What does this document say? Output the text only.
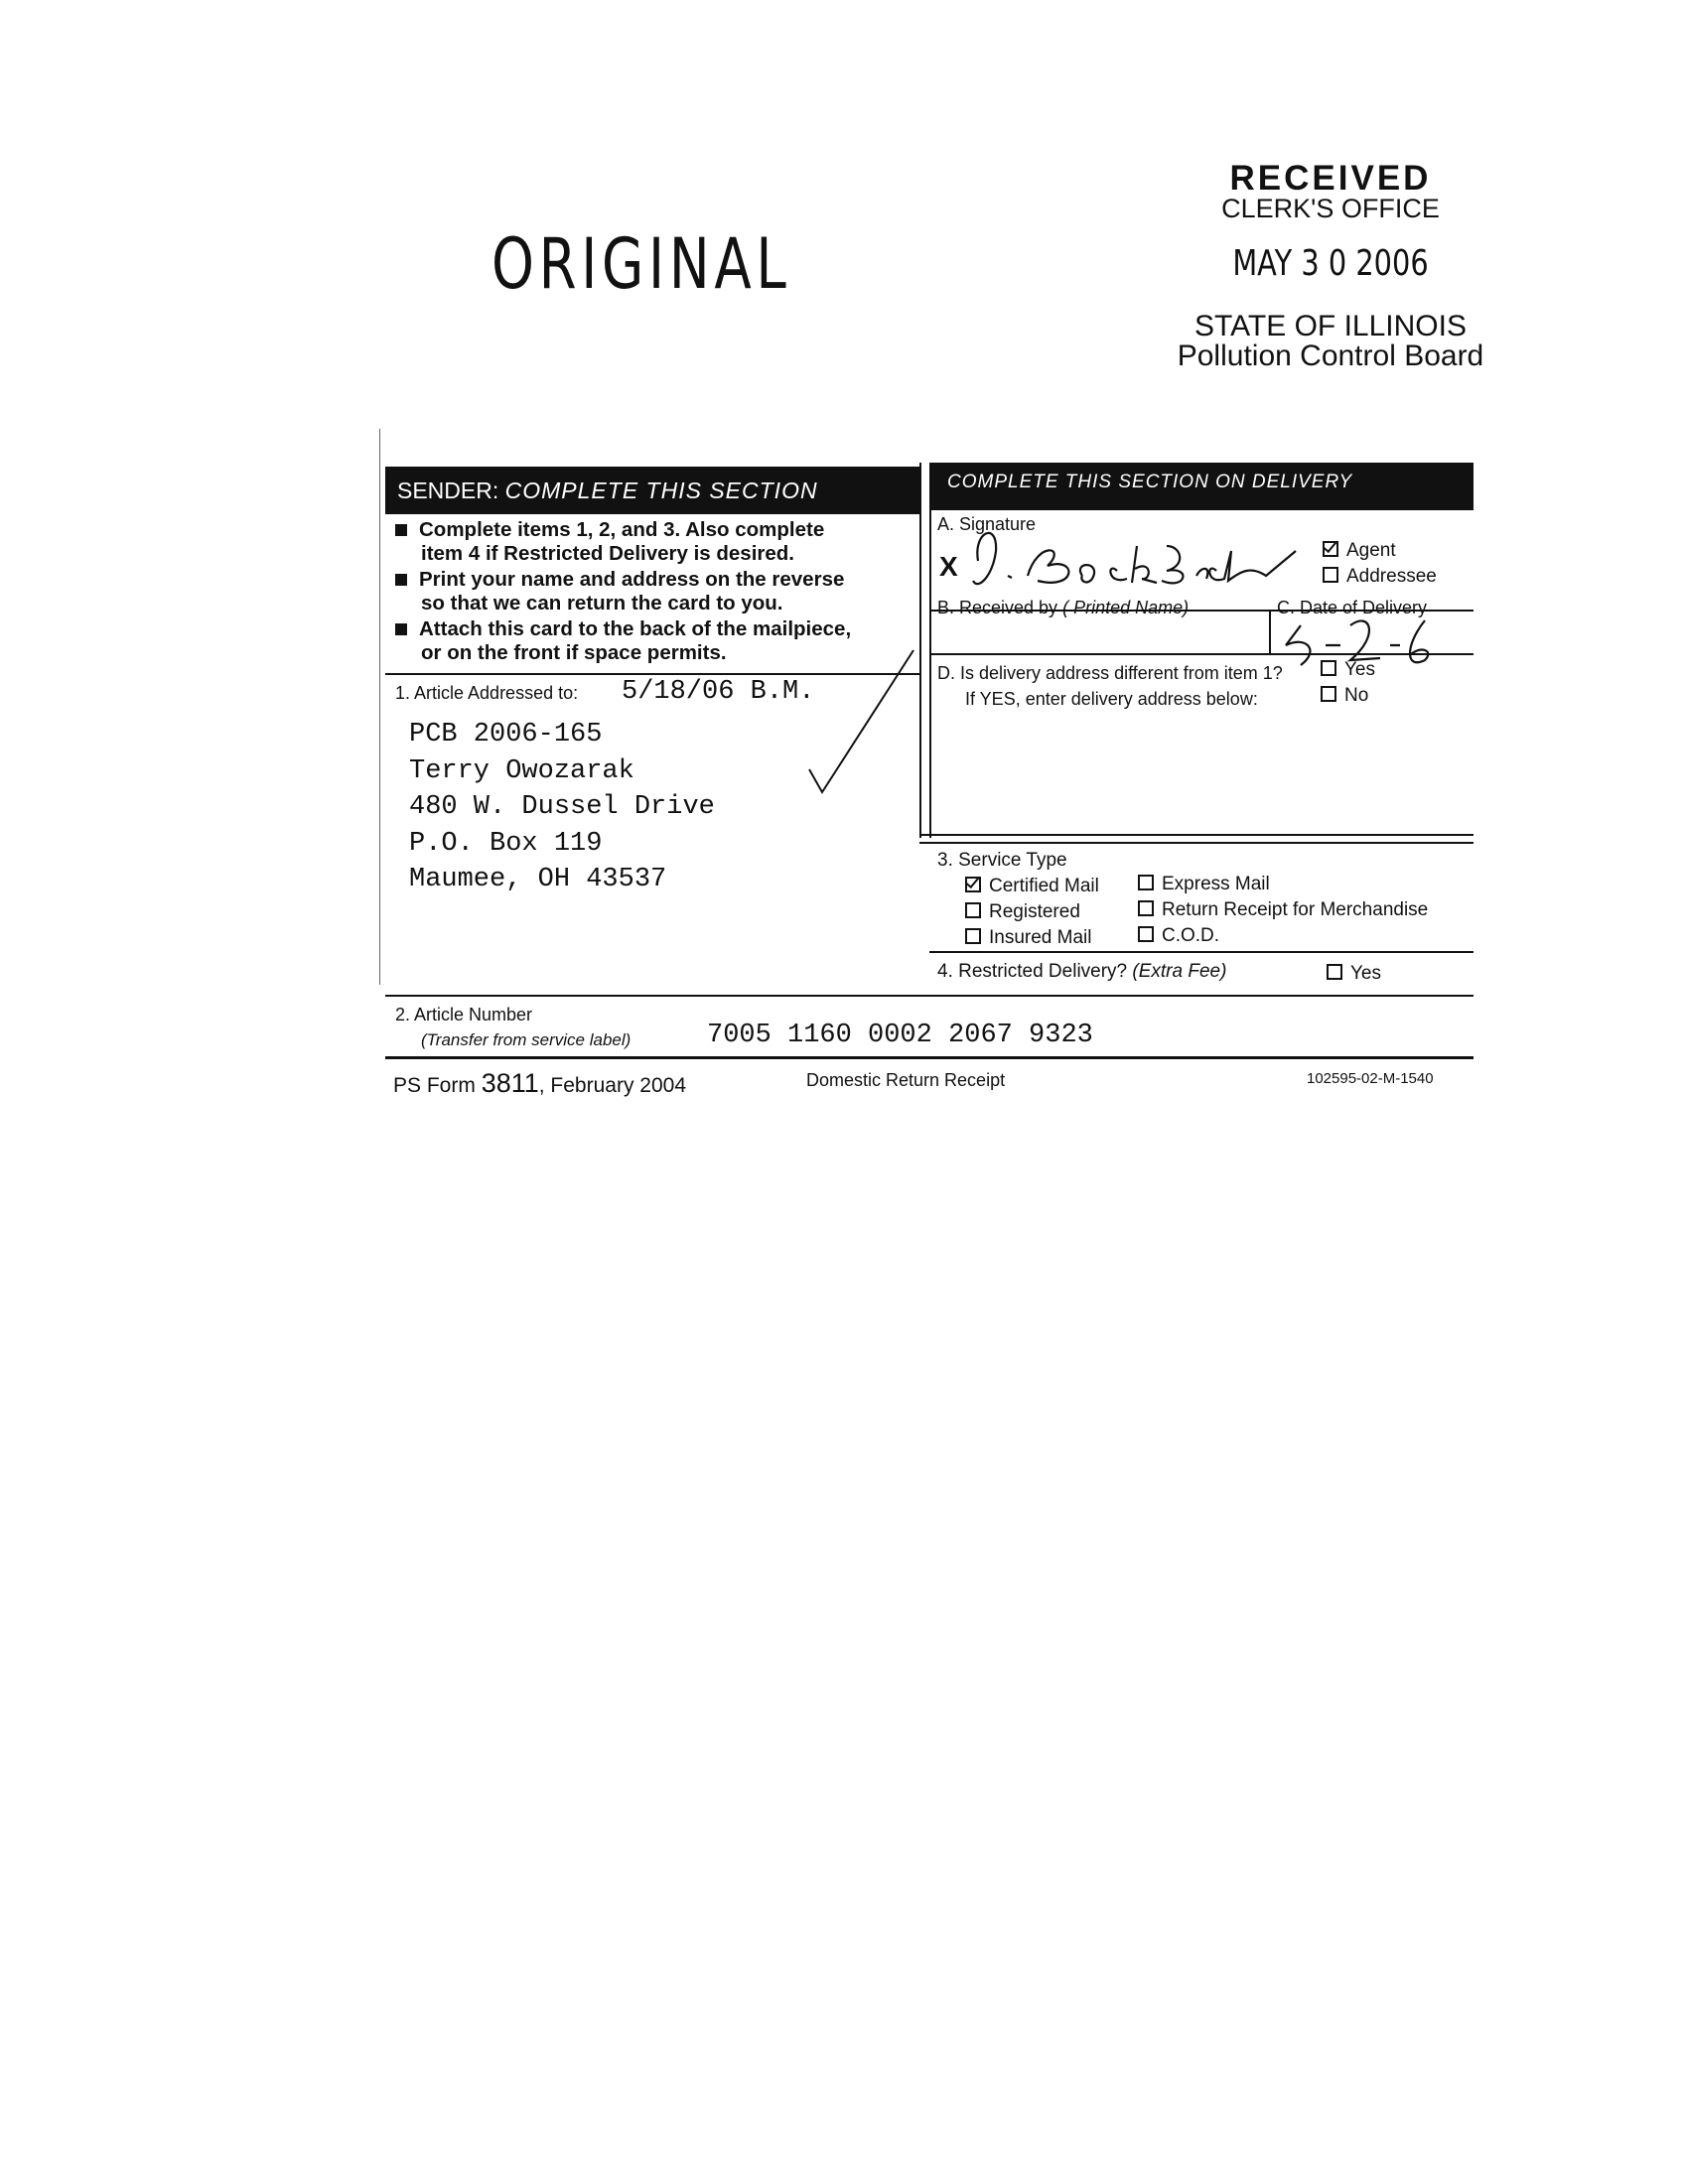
RECEIVED
CLERK'S OFFICE
MAY 3 0 2006
STATE OF ILLINOIS
Pollution Control Board
ORIGINAL
SENDER: COMPLETE THIS SECTION	COMPLETE THIS SECTION ON DELIVERY
Complete items 1, 2, and 3. Also complete
item 4 if Restricted Delivery is desired.
Print your name and address on the reverse
so that we can return the card to you.
Attach this card to the back of the mailpiece,
or on the front if space permits.
1. Article Addressed to: 5/18/06 B.M.
PCB 2006-165
Terry Owozarak
480 W. Dussel Drive
P.O. Box 119
Maumee, OH 43537
A. Signature
X
Agent
Addressee
B. Received by ( Printed Name)	C. Date of Delivery
D. Is delivery address different from item 1?	Yes
If YES, enter delivery address below:	No
3. Service Type
Certified Mail	Express Mail
Registered	Return Receipt for Merchandise
Insured Mail	C.O.D.
4. Restricted Delivery? (Extra Fee)	Yes
2. Article Number
(Transfer from service label)	7005 1160 0002 2067 9323
PS Form 3811, February 2004	Domestic Return Receipt	102595-02-M-1540
